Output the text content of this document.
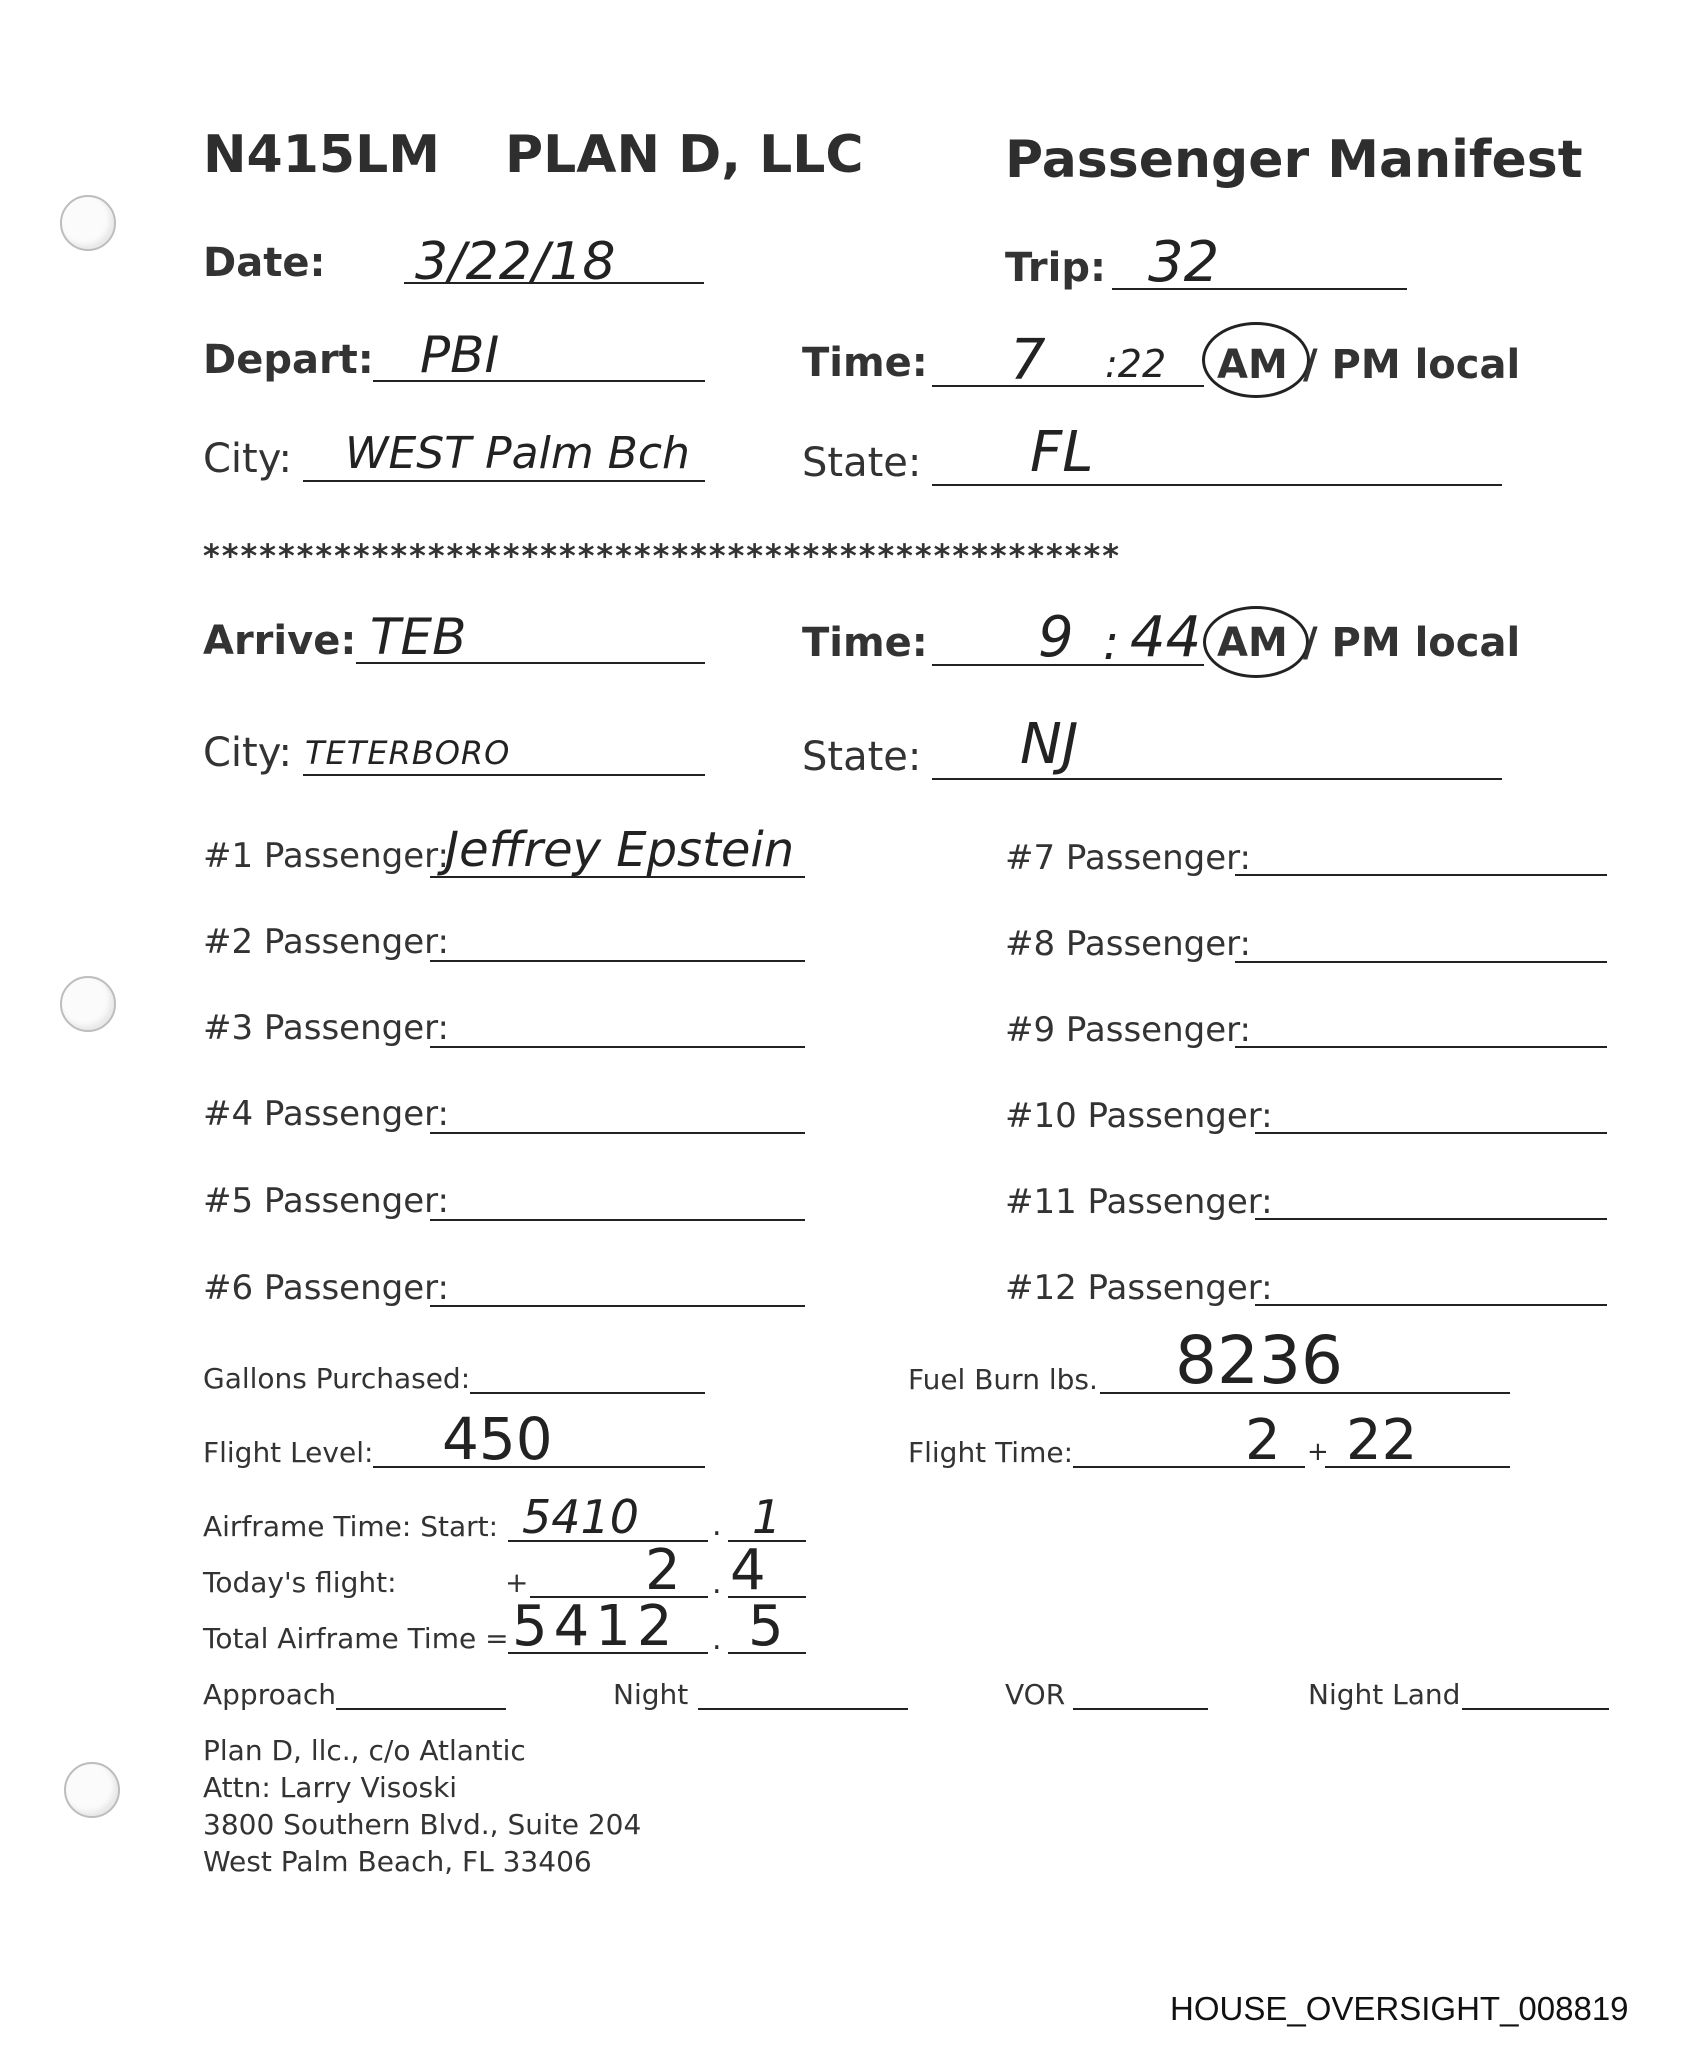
N415LM PLAN D, LLC	Passenger Manifest
Date: 3/22/18	Trip: 32
Depart: PBI	Time: 7 :22 AM / PM local
City: WEST Palm Bch	State: FL
*************************************************
Arrive: TEB	Time: 9 : 44 AM / PM local
City: TETERBORO	State: NJ
#1 Passenger:
Jeffrey Epstein
#2 Passenger:
#3 Passenger:
#4 Passenger:
#5 Passenger:
#6 Passenger:
#7 Passenger:
#8 Passenger:
#9 Passenger:
#10 Passenger:
#11 Passenger:
#12 Passenger:
Gallons Purchased:	Fuel Burn lbs. 8236
Flight Level: 450	Flight Time:	2 + 22
Airframe Time: Start: 5410 . 1
Today's flight:	+ 2 . 4
Total Airframe Time = 5412 . 5
Approach	Night	VOR	Night Land
Plan D, llc., c/o Atlantic
Attn: Larry Visoski
3800 Southern Blvd., Suite 204
West Palm Beach, FL 33406
HOUSE_OVERSIGHT_008819
